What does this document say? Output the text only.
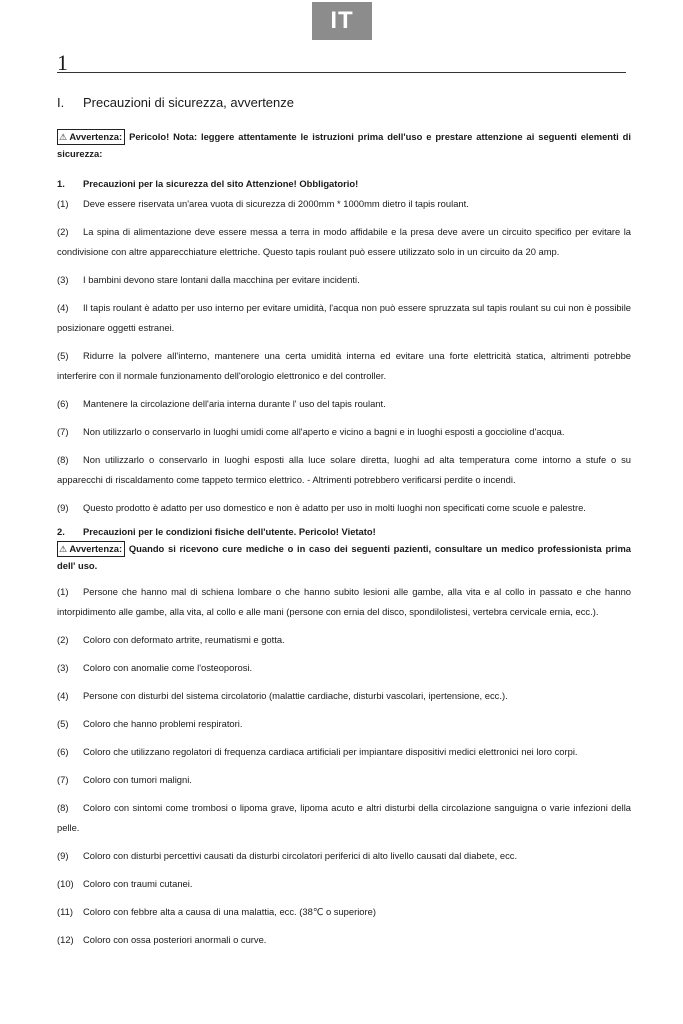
IT
1
I.	Precauzioni di sicurezza, avvertenze
⚠ Avvertenza: Pericolo! Nota: leggere attentamente le istruzioni prima dell'uso e prestare attenzione ai seguenti elementi di sicurezza:
1.	Precauzioni per la sicurezza del sito Attenzione! Obbligatorio!
(1) Deve essere riservata un'area vuota di sicurezza di 2000mm * 1000mm dietro il tapis roulant.
(2) La spina di alimentazione deve essere messa a terra in modo affidabile e la presa deve avere un circuito specifico per evitare la condivisione con altre apparecchiature elettriche. Questo tapis roulant può essere utilizzato solo in un circuito da 20 amp.
(3) I bambini devono stare lontani dalla macchina per evitare incidenti.
(4) Il tapis roulant è adatto per uso interno per evitare umidità, l'acqua non può essere spruzzata sul tapis roulant su cui non è possibile posizionare oggetti estranei.
(5) Ridurre la polvere all'interno, mantenere una certa umidità interna ed evitare una forte elettricità statica, altrimenti potrebbe interferire con il normale funzionamento dell'orologio elettronico e del controller.
(6) Mantenere la circolazione dell'aria interna durante l' uso del tapis roulant.
(7) Non utilizzarlo o conservarlo in luoghi umidi come all'aperto e vicino a bagni e in luoghi esposti a goccioline d'acqua.
(8) Non utilizzarlo o conservarlo in luoghi esposti alla luce solare diretta, luoghi ad alta temperatura come intorno a stufe o su apparecchi di riscaldamento come tappeto termico elettrico. - Altrimenti potrebbero verificarsi perdite o incendi.
(9) Questo prodotto è adatto per uso domestico e non è adatto per uso in molti luoghi non specificati come scuole e palestre.
2.	Precauzioni per le condizioni fisiche dell'utente. Pericolo! Vietato!
⚠ Avvertenza: Quando si ricevono cure mediche o in caso dei seguenti pazienti, consultare un medico professionista prima dell' uso.
(1) Persone che hanno mal di schiena lombare o che hanno subito lesioni alle gambe, alla vita e al collo in passato e che hanno intorpidimento alle gambe, alla vita, al collo e alle mani (persone con ernia del disco, spondilolistesi, vertebra cervicale ernia, ecc.).
(2) Coloro con deformato artrite, reumatismi e gotta.
(3) Coloro con anomalie come l'osteoporosi.
(4) Persone con disturbi del sistema circolatorio (malattie cardiache, disturbi vascolari, ipertensione, ecc.).
(5) Coloro che hanno problemi respiratori.
(6) Coloro che utilizzano regolatori di frequenza cardiaca artificiali per impiantare dispositivi medici elettronici nei loro corpi.
(7) Coloro con tumori maligni.
(8) Coloro con sintomi come trombosi o lipoma grave, lipoma acuto e altri disturbi della circolazione sanguigna o varie infezioni della pelle.
(9) Coloro con disturbi percettivi causati da disturbi circolatori periferici di alto livello causati dal diabete, ecc.
(10) Coloro con traumi cutanei.
(11) Coloro con febbre alta a causa di una malattia, ecc. (38℃ o superiore)
(12) Coloro con ossa posteriori anormali o curve.
